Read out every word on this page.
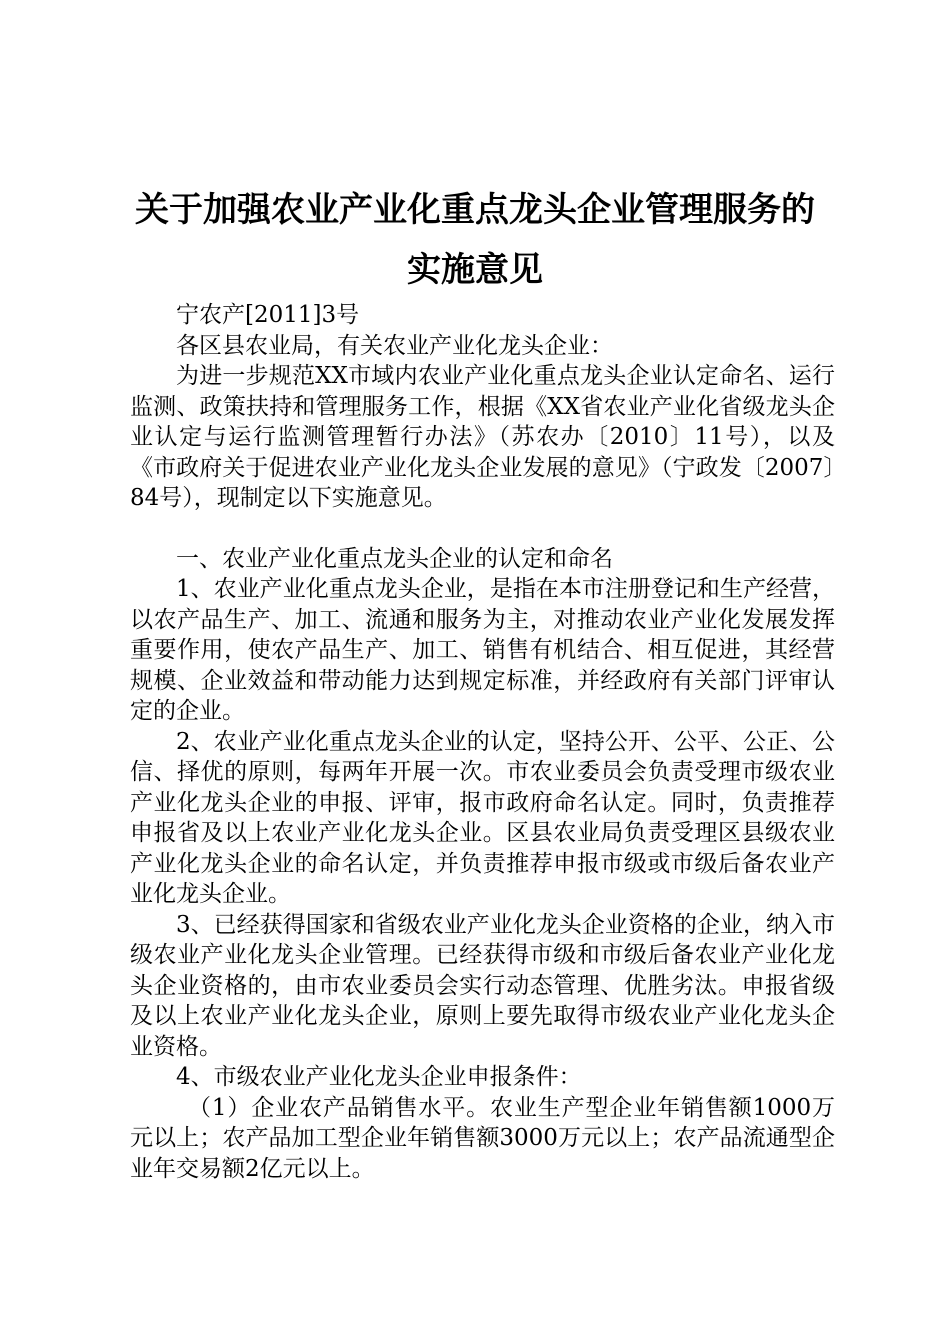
关于加强农业产业化重点龙头企业管理服务的
实施意见

宁农产[2011]3号

各区县农业局，有关农业产业化龙头企业：

为进一步规范XX市域内农业产业化重点龙头企业认定命名、运行监测、政策扶持和管理服务工作，根据《XX省农业产业化省级龙头企业认定与运行监测管理暂行办法》（苏农办〔2010〕11号），以及《市政府关于促进农业产业化龙头企业发展的意见》（宁政发〔2007〕84号），现制定以下实施意见。

一、农业产业化重点龙头企业的认定和命名

1、农业产业化重点龙头企业，是指在本市注册登记和生产经营，以农产品生产、加工、流通和服务为主，对推动农业产业化发展发挥重要作用，使农产品生产、加工、销售有机结合、相互促进，其经营规模、企业效益和带动能力达到规定标准，并经政府有关部门评审认定的企业。

2、农业产业化重点龙头企业的认定，坚持公开、公平、公正、公信、择优的原则，每两年开展一次。市农业委员会负责受理市级农业产业化龙头企业的申报、评审，报市政府命名认定。同时，负责推荐申报省及以上农业产业化龙头企业。区县农业局负责受理区县级农业产业化龙头企业的命名认定，并负责推荐申报市级或市级后备农业产业化龙头企业。

3、已经获得国家和省级农业产业化龙头企业资格的企业，纳入市级农业产业化龙头企业管理。已经获得市级和市级后备农业产业化龙头企业资格的，由市农业委员会实行动态管理、优胜劣汰。申报省级及以上农业产业化龙头企业，原则上要先取得市级农业产业化龙头企业资格。

4、市级农业产业化龙头企业申报条件：

（1）企业农产品销售水平。农业生产型企业年销售额1000万元以上；农产品加工型企业年销售额3000万元以上；农产品流通型企业年交易额2亿元以上。
